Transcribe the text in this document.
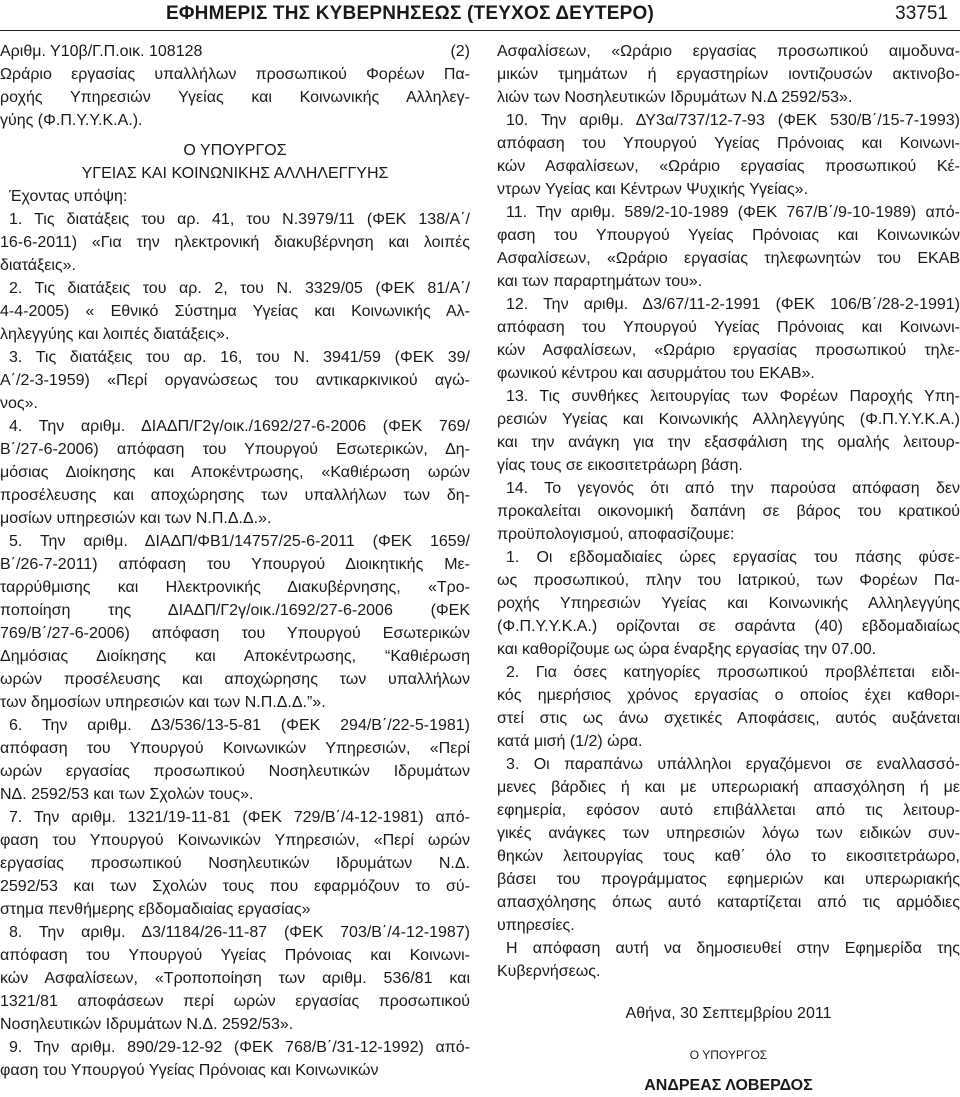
ΕΦΗΜΕΡΙΣ ΤΗΣ ΚΥΒΕΡΝΗΣΕΩΣ (ΤΕΥΧΟΣ ΔΕΥΤΕΡΟ)	33751
Αριθμ. Υ10β/Γ.Π.οικ. 108128	(2)

Ωράριο εργασίας υπαλλήλων προσωπικού Φορέων Πα-

ροχής Υπηρεσιών Υγείας και Κοινωνικής Αλληλεγ-

γύης (Φ.Π.Υ.Υ.Κ.Α.).

Ο ΥΠΟΥΡΓΟΣ

ΥΓΕΙΑΣ ΚΑΙ ΚΟΙΝΩΝΙΚΗΣ ΑΛΛΗΛΕΓΓΥΗΣ

Έχοντας υπόψη:

1. Τις διατάξεις του αρ. 41, του Ν.3979/11 (ΦΕΚ 138/Α΄/

16-6-2011) «Για την ηλεκτρονική διακυβέρνηση και λοιπές

διατάξεις».

2. Τις διατάξεις του αρ. 2, του Ν. 3329/05 (ΦΕΚ 81/Α΄/

4-4-2005) « Εθνικό Σύστημα Υγείας και Κοινωνικής Αλ-

ληλεγγύης και λοιπές διατάξεις».

3. Τις διατάξεις του αρ. 16, του Ν. 3941/59 (ΦΕΚ 39/

Α΄/2-3-1959) «Περί οργανώσεως του αντικαρκινικού αγώ-

νος».

4. Την αριθμ. ΔΙΑΔΠ/Γ2γ/οικ./1692/27-6-2006 (ΦΕΚ 769/

Β΄/27-6-2006) απόφαση του Υπουργού Εσωτερικών, Δη-

μόσιας Διοίκησης και Αποκέντρωσης, «Καθιέρωση ωρών

προσέλευσης και αποχώρησης των υπαλλήλων των δη-

μοσίων υπηρεσιών και των Ν.Π.Δ.Δ.».

5. Την αριθμ. ΔΙΑΔΠ/ΦΒ1/14757/25-6-2011 (ΦΕΚ 1659/

Β΄/26-7-2011) απόφαση του Υπουργού Διοικητικής Με-

ταρρύθμισης και Ηλεκτρονικής Διακυβέρνησης, «Τρο-

ποποίηση της ΔΙΑΔΠ/Γ2γ/οικ./1692/27-6-2006 (ΦΕΚ

769/Β΄/27-6-2006) απόφαση του Υπουργού Εσωτερικών

Δημόσιας Διοίκησης και Αποκέντρωσης, “Καθιέρωση

ωρών προσέλευσης και αποχώρησης των υπαλλήλων

των δημοσίων υπηρεσιών και των Ν.Π.Δ.Δ.”».

6. Την αριθμ. Δ3/536/13-5-81 (ΦΕΚ 294/Β΄/22-5-1981)

απόφαση του Υπουργού Κοινωνικών Υπηρεσιών, «Περί

ωρών εργασίας προσωπικού Νοσηλευτικών Ιδρυμάτων

ΝΔ. 2592/53 και των Σχολών τους».

7. Την αριθμ. 1321/19-11-81 (ΦΕΚ 729/Β΄/4-12-1981) από-

φαση του Υπουργού Κοινωνικών Υπηρεσιών, «Περί ωρών

εργασίας προσωπικού Νοσηλευτικών Ιδρυμάτων Ν.Δ.

2592/53 και των Σχολών τους που εφαρμόζουν το σύ-

στημα πενθήμερης εβδομαδιαίας εργασίας»

8. Την αριθμ. Δ3/1184/26-11-87 (ΦΕΚ 703/Β΄/4-12-1987)

απόφαση του Υπουργού Υγείας Πρόνοιας και Κοινωνι-

κών Ασφαλίσεων, «Τροποποίηση των αριθμ. 536/81 και

1321/81 αποφάσεων περί ωρών εργασίας προσωπικού

Νοσηλευτικών Ιδρυμάτων Ν.Δ. 2592/53».

9. Την αριθμ. 890/29-12-92 (ΦΕΚ 768/Β΄/31-12-1992) από-

φαση του Υπουργού Υγείας Πρόνοιας και Κοινωνικών

Ασφαλίσεων, «Ωράριο εργασίας προσωπικού αιμοδυνα-

μικών τμημάτων ή εργαστηρίων ιοντιζουσών ακτινοβο-

λιών των Νοσηλευτικών Ιδρυμάτων Ν.Δ 2592/53».

10. Την αριθμ. ΔΥ3α/737/12-7-93 (ΦΕΚ 530/Β΄/15-7-1993)

απόφαση του Υπουργού Υγείας Πρόνοιας και Κοινωνι-

κών Ασφαλίσεων, «Ωράριο εργασίας προσωπικού Κέ-

ντρων Υγείας και Κέντρων Ψυχικής Υγείας».

11. Την αριθμ. 589/2-10-1989 (ΦΕΚ 767/Β΄/9-10-1989) από-

φαση του Υπουργού Υγείας Πρόνοιας και Κοινωνικών

Ασφαλίσεων, «Ωράριο εργασίας τηλεφωνητών του ΕΚΑΒ

και των παραρτημάτων του».

12. Την αριθμ. Δ3/67/11-2-1991 (ΦΕΚ 106/Β΄/28-2-1991)

απόφαση του Υπουργού Υγείας Πρόνοιας και Κοινωνι-

κών Ασφαλίσεων, «Ωράριο εργασίας προσωπικού τηλε-

φωνικού κέντρου και ασυρμάτου του ΕΚΑΒ».

13. Τις συνθήκες λειτουργίας των Φορέων Παροχής Υπη-

ρεσιών Υγείας και Κοινωνικής Αλληλεγγύης (Φ.Π.Υ.Υ.Κ.Α.)

και την ανάγκη για την εξασφάλιση της ομαλής λειτουρ-

γίας τους σε εικοσιτετράωρη βάση.

14. Το γεγονός ότι από την παρούσα απόφαση δεν

προκαλείται οικονομική δαπάνη σε βάρος του κρατικού

προϋπολογισμού, αποφασίζουμε:

1. Οι εβδομαδιαίες ώρες εργασίας του πάσης φύσε-

ως προσωπικού, πλην του Ιατρικού, των Φορέων Πα-

ροχής Υπηρεσιών Υγείας και Κοινωνικής Αλληλεγγύης

(Φ.Π.Υ.Υ.Κ.Α.) ορίζονται σε σαράντα (40) εβδομαδιαίως

και καθορίζουμε ως ώρα έναρξης εργασίας την 07.00.

2. Για όσες κατηγορίες προσωπικού προβλέπεται ειδι-

κός ημερήσιος χρόνος εργασίας ο οποίος έχει καθορι-

στεί στις ως άνω σχετικές Αποφάσεις, αυτός αυξάνεται

κατά μισή (1/2) ώρα.

3. Οι παραπάνω υπάλληλοι εργαζόμενοι σε εναλλασσό-

μενες βάρδιες ή και με υπερωριακή απασχόληση ή με

εφημερία, εφόσον αυτό επιβάλλεται από τις λειτουρ-

γικές ανάγκες των υπηρεσιών λόγω των ειδικών συν-

θηκών λειτουργίας τους καθ΄ όλο το εικοσιτετράωρο,

βάσει του προγράμματος εφημεριών και υπερωριακής

απασχόλησης όπως αυτό καταρτίζεται από τις αρμόδιες

υπηρεσίες.

Η απόφαση αυτή να δημοσιευθεί στην Εφημερίδα της

Κυβερνήσεως.

Αθήνα, 30 Σεπτεμβρίου 2011

Ο ΥΠΟΥΡΓΟΣ

ΑΝΔΡΕΑΣ ΛΟΒΕΡΔΟΣ
